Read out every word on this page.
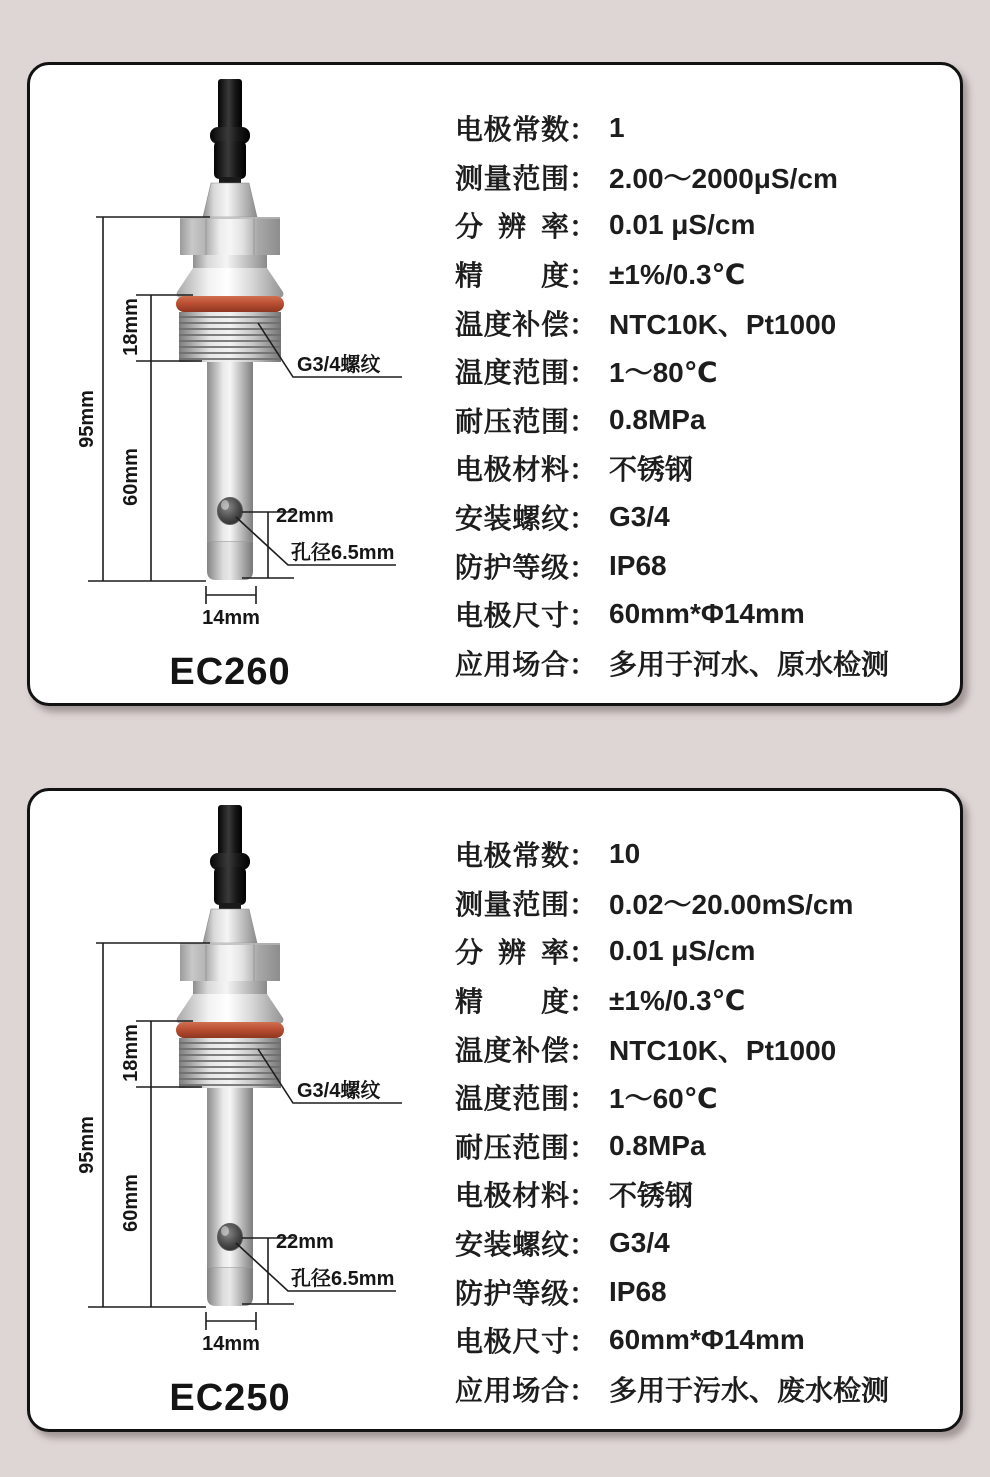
95mm
18mm
60mm
22mm
孔径6.5mm
14mm
G3/4螺纹
EC260
电极常数 ： 1
测量范围 ： 2.00～2000μS/cm
分辨率 ： 0.01 μS/cm
精度 ： ±1%/0.3℃
温度补偿 ： NTC10K、Pt1000
温度范围 ： 1～80℃
耐压范围 ： 0.8MPa
电极材料 ： 不锈钢
安装螺纹 ： G3/4
防护等级 ： IP68
电极尺寸 ： 60mm*Φ14mm
应用场合 ： 多用于河水、原水检测
95mm
18mm
60mm
22mm
孔径6.5mm
14mm
G3/4螺纹
EC250
电极常数 ： 10
测量范围 ： 0.02～20.00mS/cm
分辨率 ： 0.01 μS/cm
精度 ： ±1%/0.3℃
温度补偿 ： NTC10K、Pt1000
温度范围 ： 1～60℃
耐压范围 ： 0.8MPa
电极材料 ： 不锈钢
安装螺纹 ： G3/4
防护等级 ： IP68
电极尺寸 ： 60mm*Φ14mm
应用场合 ： 多用于污水、废水检测
